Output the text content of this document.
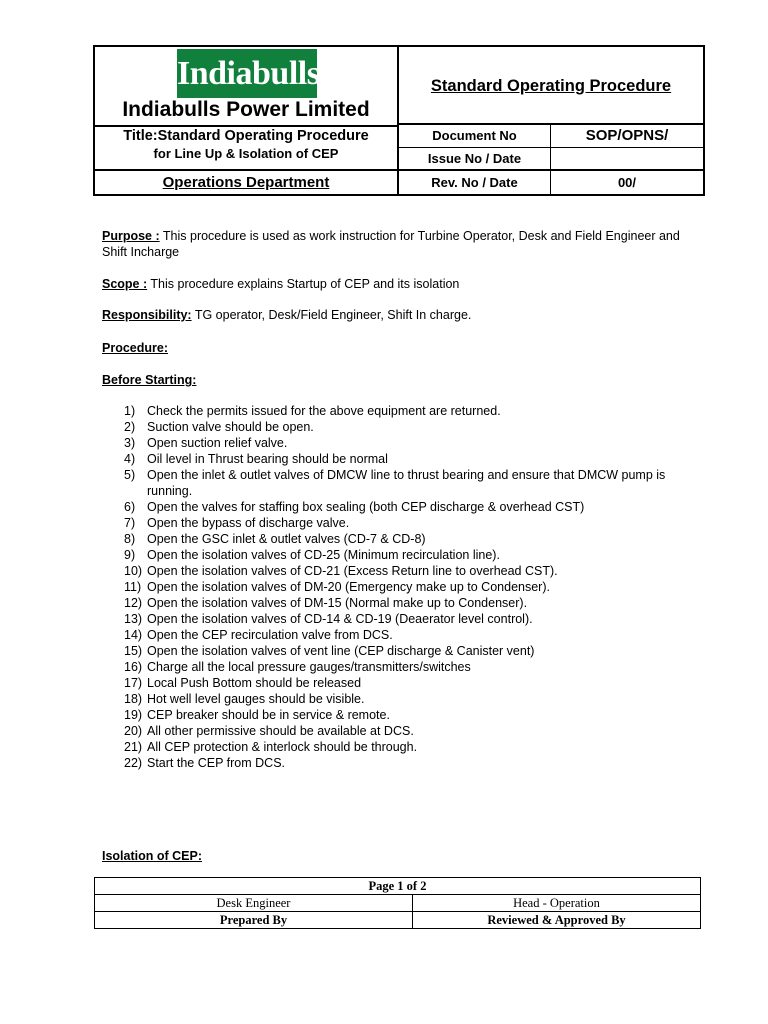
Indiabulls
Indiabulls Power Limited
Standard Operating Procedure
Title:Standard Operating Procedure
for Line Up & Isolation of CEP
Operations Department
Document No	SOP/OPNS/
Issue No / Date
Rev. No / Date	00/
Purpose : This procedure is used as work instruction for Turbine Operator, Desk and Field Engineer and Shift Incharge
Scope : This procedure explains Startup of CEP and its isolation
Responsibility: TG operator, Desk/Field Engineer, Shift In charge.
Procedure:
Before Starting:
1) Check the permits issued for the above equipment are returned.
2) Suction valve should be open.
3) Open suction relief valve.
4) Oil level in Thrust bearing should be normal
5) Open the inlet & outlet valves of DMCW line to thrust bearing and ensure that DMCW pump is running.
6) Open the valves for staffing box sealing (both CEP discharge & overhead CST)
7) Open the bypass of discharge valve.
8) Open the GSC inlet & outlet valves (CD-7 & CD-8)
9) Open the isolation valves of CD-25 (Minimum recirculation line).
10) Open the isolation valves of CD-21 (Excess Return line to overhead CST).
11) Open the isolation valves of DM-20 (Emergency make up to Condenser).
12) Open the isolation valves of DM-15 (Normal make up to Condenser).
13) Open the isolation valves of CD-14 & CD-19 (Deaerator level control).
14) Open the CEP recirculation valve from DCS.
15) Open the isolation valves of vent line (CEP discharge & Canister vent)
16) Charge all the local pressure gauges/transmitters/switches
17) Local Push Bottom should be released
18) Hot well level gauges should be visible.
19) CEP breaker should be in service & remote.
20) All other permissive should be available at DCS.
21) All CEP protection & interlock should be through.
22) Start the CEP from DCS.
Isolation of CEP:
Page 1 of 2	
Desk Engineer	Head - Operation
Prepared By	Reviewed & Approved By
